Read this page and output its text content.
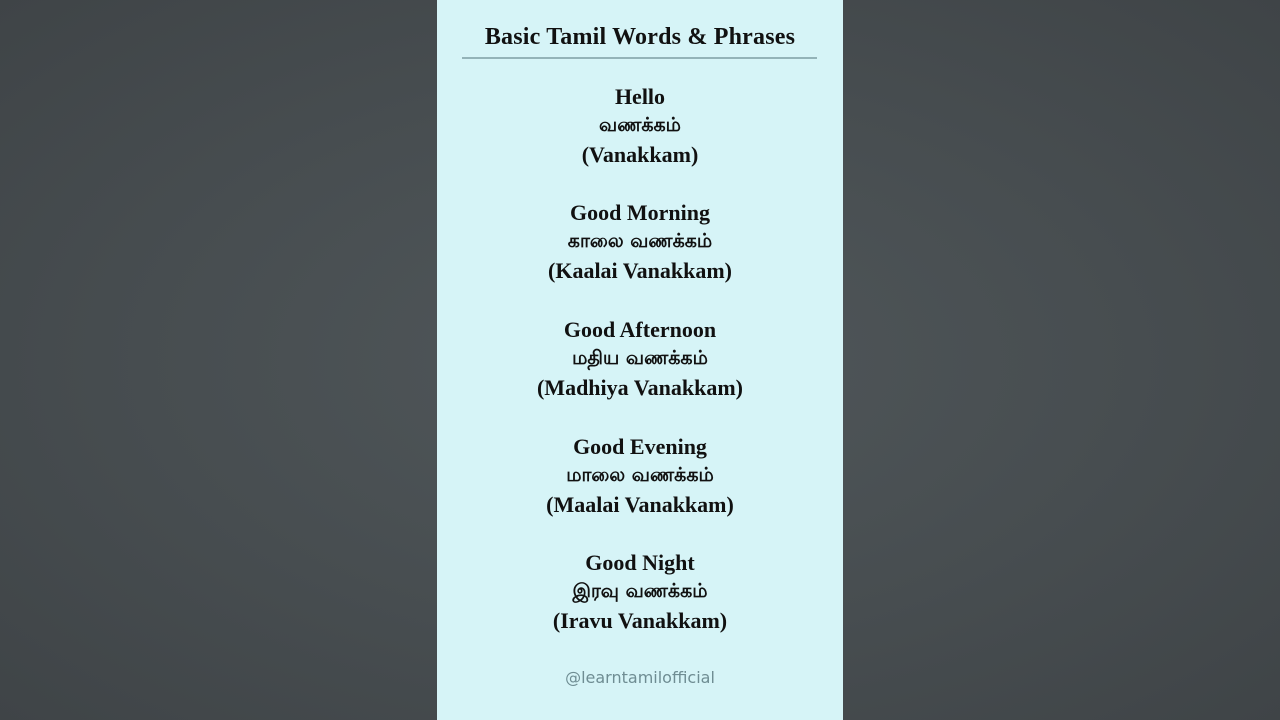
Basic Tamil Words & Phrases
Hello
வணக்கம்
(Vanakkam)
Good Morning
காலை வணக்கம்
(Kaalai Vanakkam)
Good Afternoon
மதிய வணக்கம்
(Madhiya Vanakkam)
Good Evening
மாலை வணக்கம்
(Maalai Vanakkam)
Good Night
இரவு வணக்கம்
(Iravu Vanakkam)
@learntamilofficial
